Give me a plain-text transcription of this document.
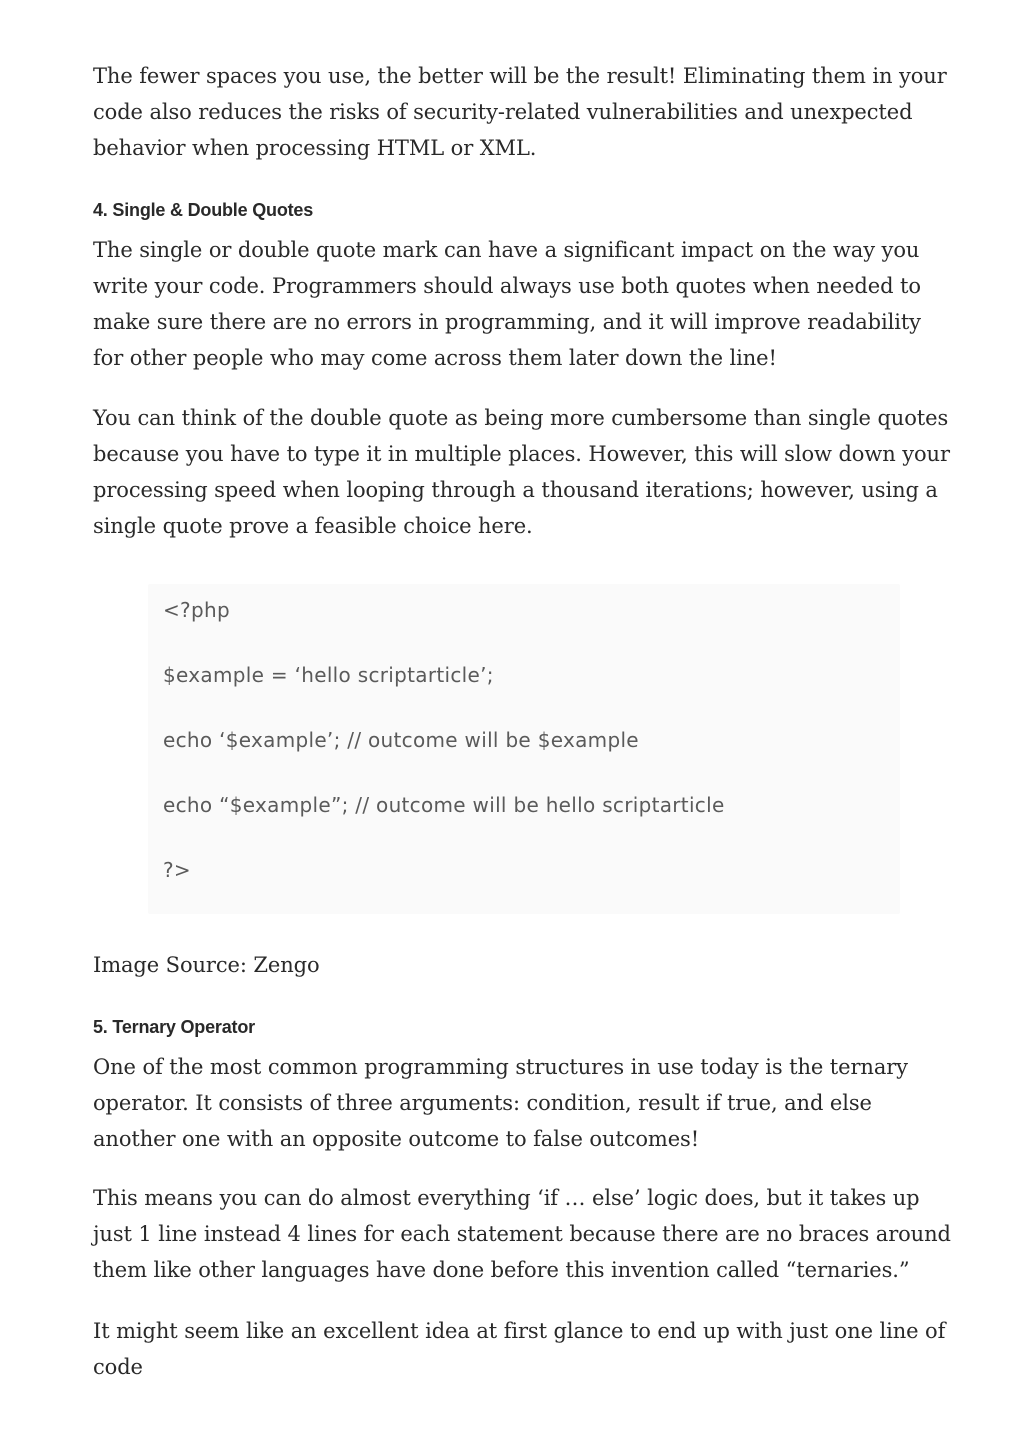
The fewer spaces you use, the better will be the result! Eliminating them in your code also reduces the risks of security-related vulnerabilities and unexpected behavior when processing HTML or XML.

4. Single & Double Quotes

The single or double quote mark can have a significant impact on the way you write your code. Programmers should always use both quotes when needed to make sure there are no errors in programming, and it will improve readability for other people who may come across them later down the line!

You can think of the double quote as being more cumbersome than single quotes because you have to type it in multiple places. However, this will slow down your processing speed when looping through a thousand iterations; however, using a single quote prove a feasible choice here.

<?php
$example = ‘hello scriptarticle’;
echo ‘$example’; // outcome will be $example
echo “$example”; // outcome will be hello scriptarticle
?>

Image Source: Zengo

5. Ternary Operator

One of the most common programming structures in use today is the ternary operator. It consists of three arguments: condition, result if true, and else another one with an opposite outcome to false outcomes!

This means you can do almost everything ‘if … else’ logic does, but it takes up just 1 line instead 4 lines for each statement because there are no braces around them like other languages have done before this invention called “ternaries.”

It might seem like an excellent idea at first glance to end up with just one line of code
